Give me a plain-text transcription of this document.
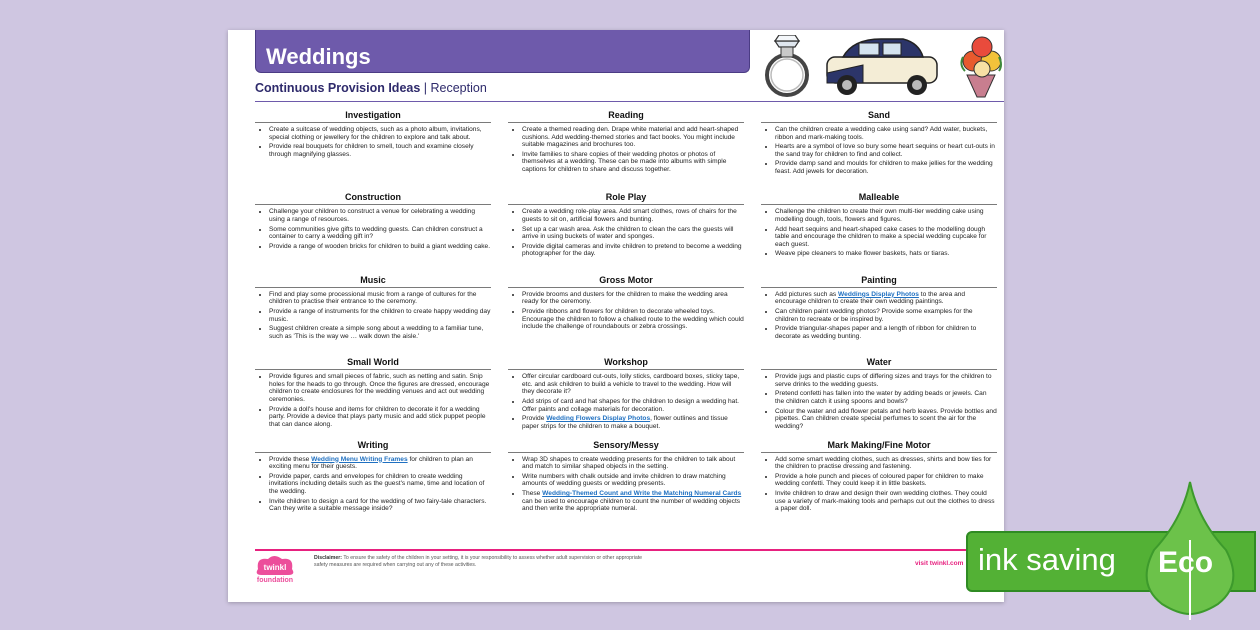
Weddings
Continuous Provision Ideas | Reception
Investigation
• Create a suitcase of wedding objects, such as a photo album, invitations, special clothing or jewellery for the children to explore and talk about.
• Provide real bouquets for children to smell, touch and examine closely through magnifying glasses.
Construction
• Challenge your children to construct a venue for celebrating a wedding using a range of resources.
• Some communities give gifts to wedding guests. Can children construct a container to carry a wedding gift in?
• Provide a range of wooden bricks for children to build a giant wedding cake.
Music
• Find and play some processional music from a range of cultures for the children to practise their entrance to the ceremony.
• Provide a range of instruments for the children to create happy wedding day music.
• Suggest children create a simple song about a wedding to a familiar tune, such as 'This is the way we … walk down the aisle.'
Small World
• Provide figures and small pieces of fabric, such as netting and satin. Snip holes for the heads to go through. Once the figures are dressed, encourage children to create enclosures for the wedding venues and act out wedding ceremonies.
• Provide a doll's house and items for children to decorate it for a wedding party. Provide a device that plays party music and add stick puppet people that can dance along.
Writing
• Provide these Wedding Menu Writing Frames for children to plan an exciting menu for their guests.
• Provide paper, cards and envelopes for children to create wedding invitations including details such as the guest's name, time and location of the wedding.
• Invite children to design a card for the wedding of two fairy-tale characters. Can they write a suitable message inside?
Reading
• Create a themed reading den. Drape white material and add heart-shaped cushions. Add wedding-themed stories and fact books. You might include suitable magazines and brochures too.
• Invite families to share copies of their wedding photos or photos of themselves at a wedding. These can be made into albums with simple captions for children to share and discuss together.
Role Play
• Create a wedding role-play area. Add smart clothes, rows of chairs for the guests to sit on, artificial flowers and bunting.
• Set up a car wash area. Ask the children to clean the cars the guests will arrive in using buckets of water and sponges.
• Provide digital cameras and invite children to pretend to become a wedding photographer for the day.
Gross Motor
• Provide brooms and dusters for the children to make the wedding area ready for the ceremony.
• Provide ribbons and flowers for children to decorate wheeled toys. Encourage the children to follow a chalked route to the wedding which could include the challenge of roundabouts or zebra crossings.
Workshop
• Offer circular cardboard cut-outs, lolly sticks, cardboard boxes, sticky tape, etc. and ask children to build a vehicle to travel to the wedding. How will they decorate it?
• Add strips of card and hat shapes for the children to design a wedding hat. Offer paints and collage materials for decoration.
• Provide Wedding Flowers Display Photos, flower outlines and tissue paper strips for the children to make a bouquet.
Sensory/Messy
• Wrap 3D shapes to create wedding presents for the children to talk about and match to similar shaped objects in the setting.
• Write numbers with chalk outside and invite children to draw matching amounts of wedding guests or wedding presents.
• These Wedding-Themed Count and Write the Matching Numeral Cards can be used to encourage children to count the number of wedding objects and then write the appropriate numeral.
Sand
• Can the children create a wedding cake using sand? Add water, buckets, ribbon and mark-making tools.
• Hearts are a symbol of love so bury some heart sequins or heart cut-outs in the sand tray for children to find and collect.
• Provide damp sand and moulds for children to make jellies for the wedding feast. Add jewels for decoration.
Malleable
• Challenge the children to create their own multi-tier wedding cake using modelling dough, tools, flowers and figures.
• Add heart sequins and heart-shaped cake cases to the modelling dough table and encourage the children to make a special wedding cupcake for each guest.
• Weave pipe cleaners to make flower baskets, hats or tiaras.
Painting
• Add pictures such as Weddings Display Photos to the area and encourage children to create their own wedding paintings.
• Can children paint wedding photos? Provide some examples for the children to recreate or be inspired by.
• Provide triangular-shapes paper and a length of ribbon for children to decorate as wedding bunting.
Water
• Provide jugs and plastic cups of differing sizes and trays for the children to serve drinks to the wedding guests.
• Pretend confetti has fallen into the water by adding beads or jewels. Can the children catch it using spoons and bowls?
• Colour the water and add flower petals and herb leaves. Provide bottles and pipettes. Can children create special perfumes to scent the air for the wedding?
Mark Making/Fine Motor
• Add some smart wedding clothes, such as dresses, shirts and bow ties for the children to practise dressing and fastening.
• Provide a hole punch and pieces of coloured paper for children to make wedding confetti. They could keep it in little baskets.
• Invite children to draw and design their own wedding clothes. They could use a variety of mark-making tools and perhaps cut out the clothes to dress a paper doll.
twinkl
foundation
Disclaimer: To ensure the safety of the children in your setting, it is your responsibility to assess whether adult supervision or other appropriate safety measures are required when carrying out any of these activities.	visit twinkl.com ink saving Eco
